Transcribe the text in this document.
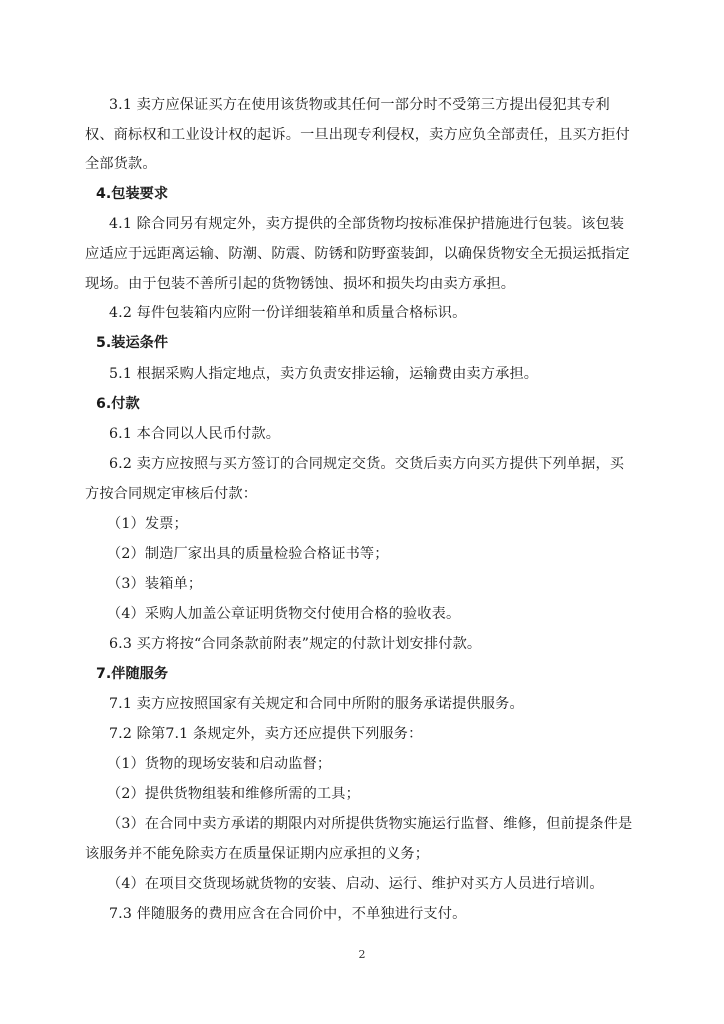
3.1 卖方应保证买方在使用该货物或其任何一部分时不受第三方提出侵犯其专利
权、商标权和工业设计权的起诉。一旦出现专利侵权，卖方应负全部责任，且买方拒付
全部货款。
4.包装要求
4.1 除合同另有规定外，卖方提供的全部货物均按标准保护措施进行包装。该包装
应适应于远距离运输、防潮、防震、防锈和防野蛮装卸，以确保货物安全无损运抵指定
现场。由于包装不善所引起的货物锈蚀、损坏和损失均由卖方承担。
4.2 每件包装箱内应附一份详细装箱单和质量合格标识。
5.装运条件
5.1 根据采购人指定地点，卖方负责安排运输，运输费由卖方承担。
6.付款
6.1 本合同以人民币付款。
6.2 卖方应按照与买方签订的合同规定交货。交货后卖方向买方提供下列单据，买
方按合同规定审核后付款：
（1）发票；
（2）制造厂家出具的质量检验合格证书等；
（3）装箱单；
（4）采购人加盖公章证明货物交付使用合格的验收表。
6.3 买方将按“合同条款前附表”规定的付款计划安排付款。
7.伴随服务
7.1 卖方应按照国家有关规定和合同中所附的服务承诺提供服务。
7.2 除第7.1 条规定外，卖方还应提供下列服务：
（1）货物的现场安装和启动监督；
（2）提供货物组装和维修所需的工具；
（3）在合同中卖方承诺的期限内对所提供货物实施运行监督、维修，但前提条件是
该服务并不能免除卖方在质量保证期内应承担的义务；
（4）在项目交货现场就货物的安装、启动、运行、维护对买方人员进行培训。
7.3 伴随服务的费用应含在合同价中，不单独进行支付。
2
